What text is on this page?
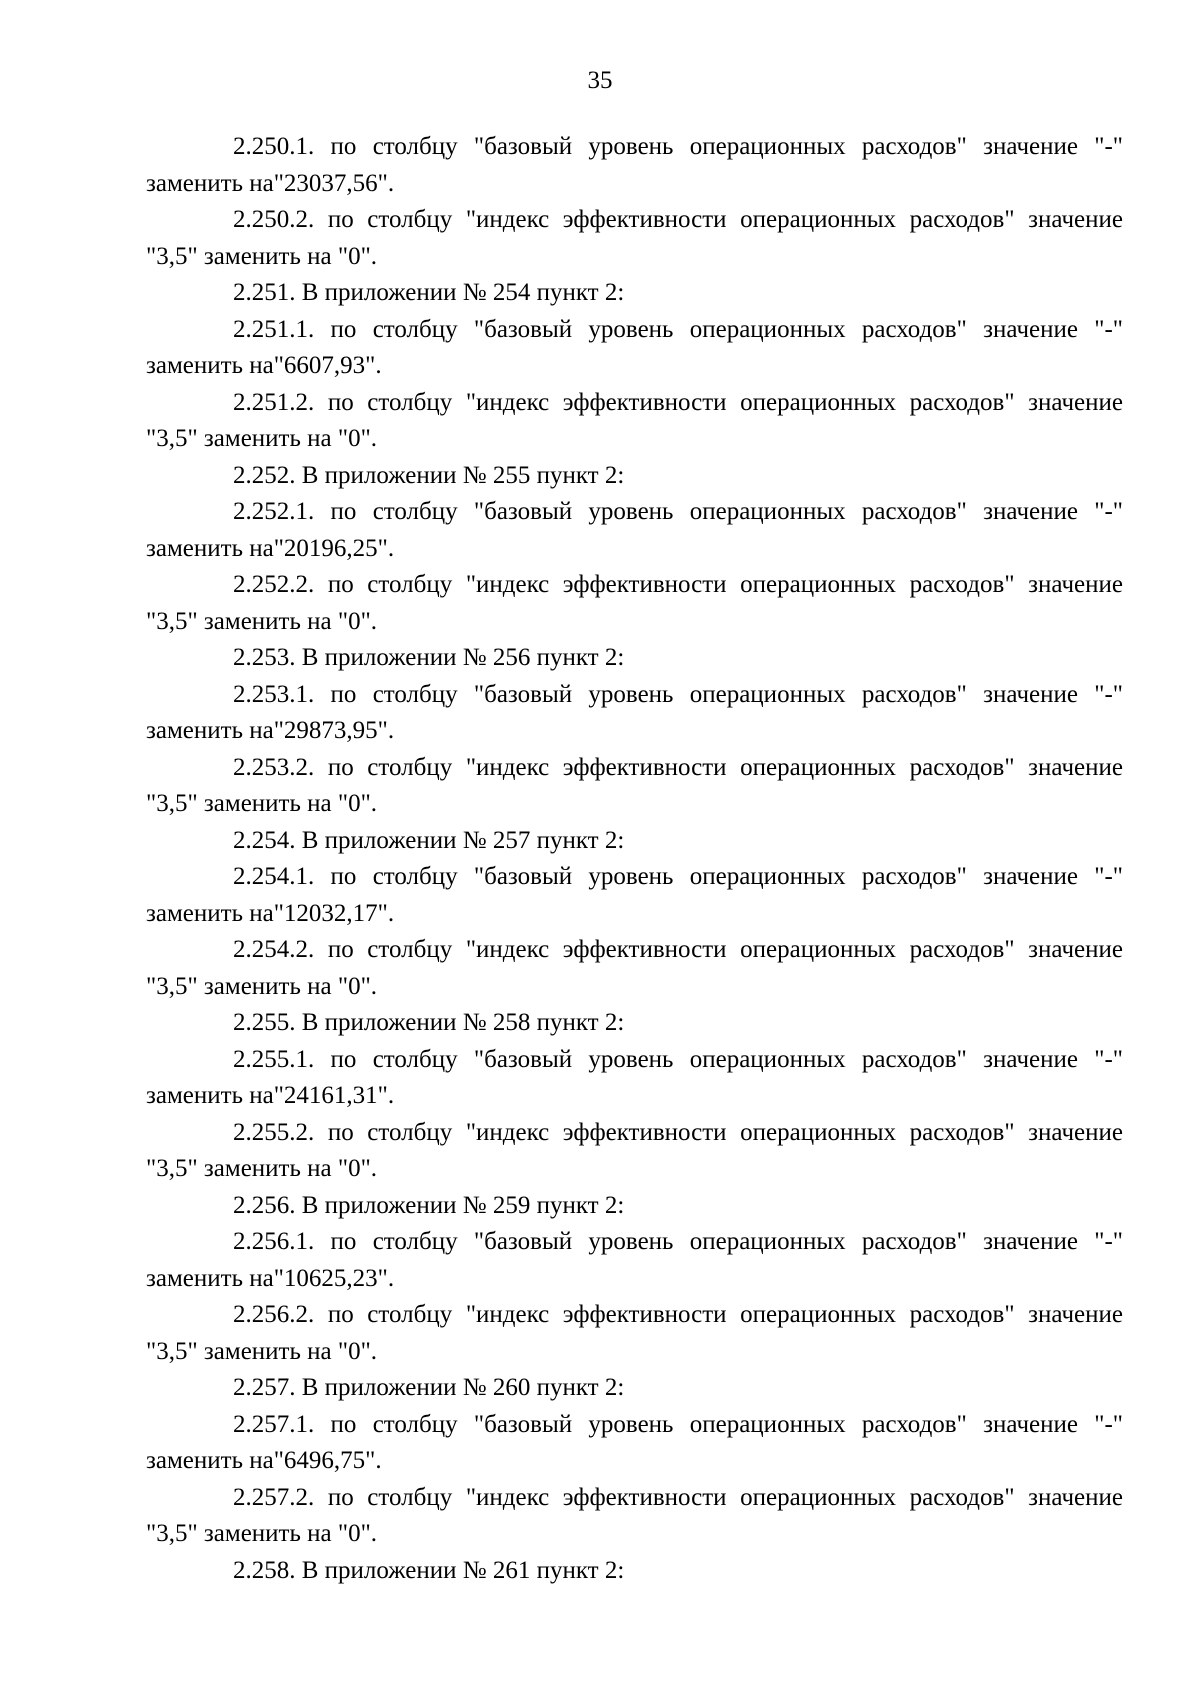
35

2.250.1. по столбцу "базовый уровень операционных расходов" значение "-" заменить на"23037,56".

2.250.2. по столбцу "индекс эффективности операционных расходов" значение "3,5" заменить на "0".

2.251. В приложении № 254 пункт 2:

2.251.1. по столбцу "базовый уровень операционных расходов" значение "-" заменить на"6607,93".

2.251.2. по столбцу "индекс эффективности операционных расходов" значение "3,5" заменить на "0".

2.252. В приложении № 255 пункт 2:

2.252.1. по столбцу "базовый уровень операционных расходов" значение "-" заменить на"20196,25".

2.252.2. по столбцу "индекс эффективности операционных расходов" значение "3,5" заменить на "0".

2.253. В приложении № 256 пункт 2:

2.253.1. по столбцу "базовый уровень операционных расходов" значение "-" заменить на"29873,95".

2.253.2. по столбцу "индекс эффективности операционных расходов" значение "3,5" заменить на "0".

2.254. В приложении № 257 пункт 2:

2.254.1. по столбцу "базовый уровень операционных расходов" значение "-" заменить на"12032,17".

2.254.2. по столбцу "индекс эффективности операционных расходов" значение "3,5" заменить на "0".

2.255. В приложении № 258 пункт 2:

2.255.1. по столбцу "базовый уровень операционных расходов" значение "-" заменить на"24161,31".

2.255.2. по столбцу "индекс эффективности операционных расходов" значение "3,5" заменить на "0".

2.256. В приложении № 259 пункт 2:

2.256.1. по столбцу "базовый уровень операционных расходов" значение "-" заменить на"10625,23".

2.256.2. по столбцу "индекс эффективности операционных расходов" значение "3,5" заменить на "0".

2.257. В приложении № 260 пункт 2:

2.257.1. по столбцу "базовый уровень операционных расходов" значение "-" заменить на"6496,75".

2.257.2. по столбцу "индекс эффективности операционных расходов" значение "3,5" заменить на "0".

2.258. В приложении № 261 пункт 2:
